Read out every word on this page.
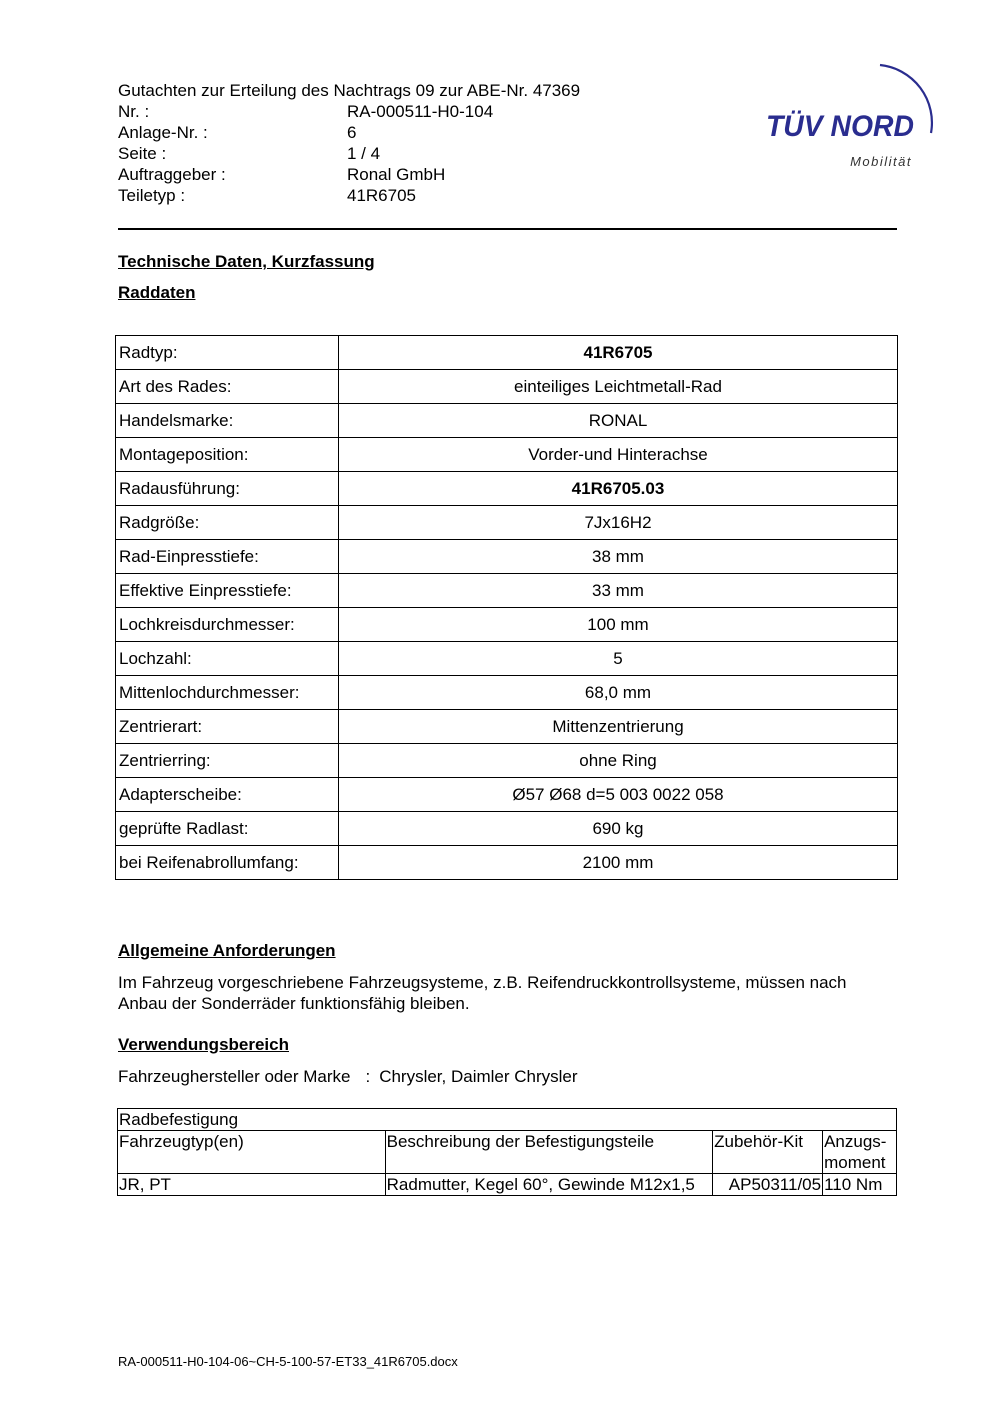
Gutachten zur Erteilung des Nachtrags 09 zur ABE-Nr. 47369
Nr. :	RA-000511-H0-104
Anlage-Nr. :	6
Seite :	1 / 4
Auftraggeber :	Ronal GmbH
Teiletyp :	41R6705
TÜV NORD
Mobilität
Technische Daten, Kurzfassung
Raddaten
Radtyp:	41R6705
Art des Rades:	einteiliges Leichtmetall-Rad
Handelsmarke:	RONAL
Montageposition:	Vorder-und Hinterachse
Radausführung:	41R6705.03
Radgröße:	7Jx16H2
Rad-Einpresstiefe:	38 mm
Effektive Einpresstiefe:	33 mm
Lochkreisdurchmesser:	100 mm
Lochzahl:	5
Mittenlochdurchmesser:	68,0 mm
Zentrierart:	Mittenzentrierung
Zentrierring:	ohne Ring
Adapterscheibe:	Ø57 Ø68 d=5 003 0022 058
geprüfte Radlast:	690 kg
bei Reifenabrollumfang:	2100 mm
Allgemeine Anforderungen
Im Fahrzeug vorgeschriebene Fahrzeugsysteme, z.B. Reifendruckkontrollsysteme, müssen nach Anbau der Sonderräder funktionsfähig bleiben.
Verwendungsbereich
Fahrzeughersteller oder Marke : Chrysler, Daimler Chrysler
Radbefestigung			
Fahrzeugtyp(en)	Beschreibung der Befestigungsteile	Zubehör-Kit	Anzugs-moment
JR, PT	Radmutter, Kegel 60°, Gewinde M12x1,5	AP50311/05	110 Nm
RA-000511-H0-104-06~CH-5-100-57-ET33_41R6705.docx
